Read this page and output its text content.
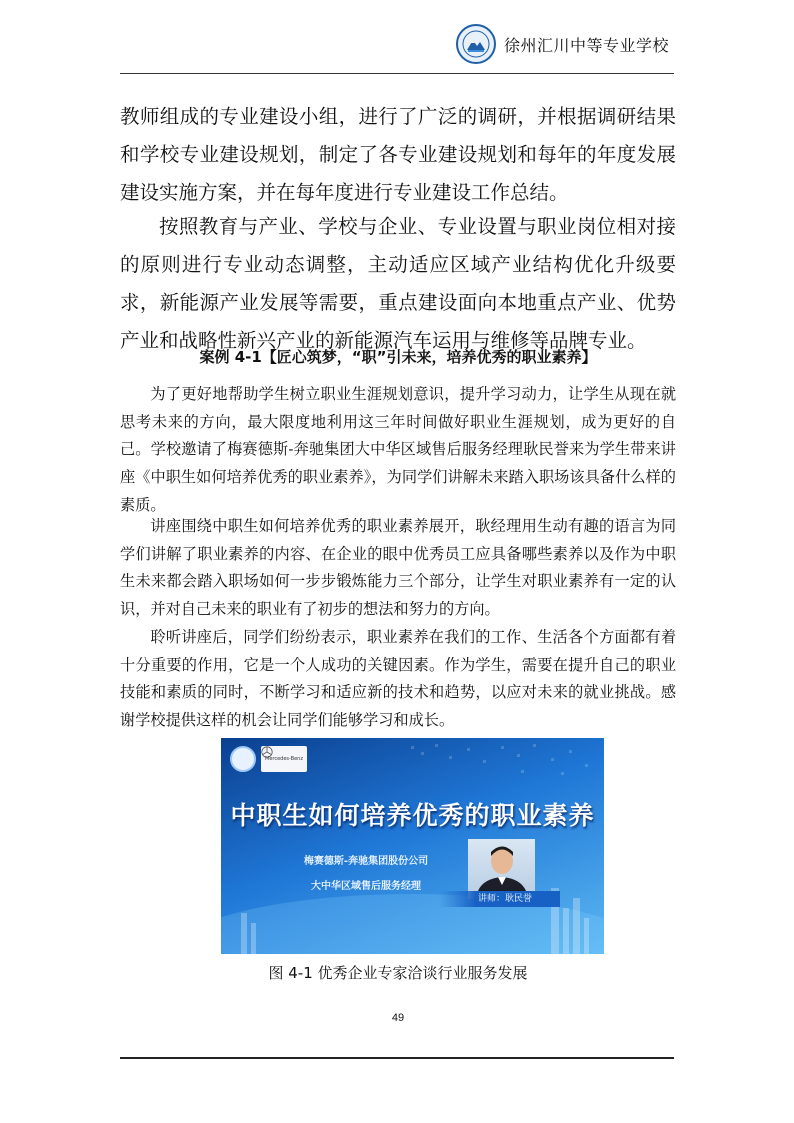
徐州汇川中等专业学校

教师组成的专业建设小组，进行了广泛的调研，并根据调研结果和学校专业建设规划，制定了各专业建设规划和每年的年度发展建设实施方案，并在每年度进行专业建设工作总结。

按照教育与产业、学校与企业、专业设置与职业岗位相对接的原则进行专业动态调整，主动适应区域产业结构优化升级要求，新能源产业发展等需要，重点建设面向本地重点产业、优势产业和战略性新兴产业的新能源汽车运用与维修等品牌专业。

案例 4-1【匠心筑梦，“职”引未来，培养优秀的职业素养】

为了更好地帮助学生树立职业生涯规划意识，提升学习动力，让学生从现在就思考未来的方向，最大限度地利用这三年时间做好职业生涯规划，成为更好的自己。学校邀请了梅赛德斯-奔驰集团大中华区域售后服务经理耿民誉来为学生带来讲座《中职生如何培养优秀的职业素养》，为同学们讲解未来踏入职场该具备什么样的素质。

讲座围绕中职生如何培养优秀的职业素养展开，耿经理用生动有趣的语言为同学们讲解了职业素养的内容、在企业的眼中优秀员工应具备哪些素养以及作为中职生未来都会踏入职场如何一步步锻炼能力三个部分，让学生对职业素养有一定的认识，并对自己未来的职业有了初步的想法和努力的方向。

聆听讲座后，同学们纷纷表示，职业素养在我们的工作、生活各个方面都有着十分重要的作用，它是一个人成功的关键因素。作为学生，需要在提升自己的职业技能和素质的同时，不断学习和适应新的技术和趋势，以应对未来的就业挑战。感谢学校提供这样的机会让同学们能够学习和成长。

Mercedes-Benz
中职生如何培养优秀的职业素养
梅赛德斯-奔驰集团股份公司
大中华区域售后服务经理
讲师：耿民誉

图 4-1 优秀企业专家洽谈行业服务发展

49
